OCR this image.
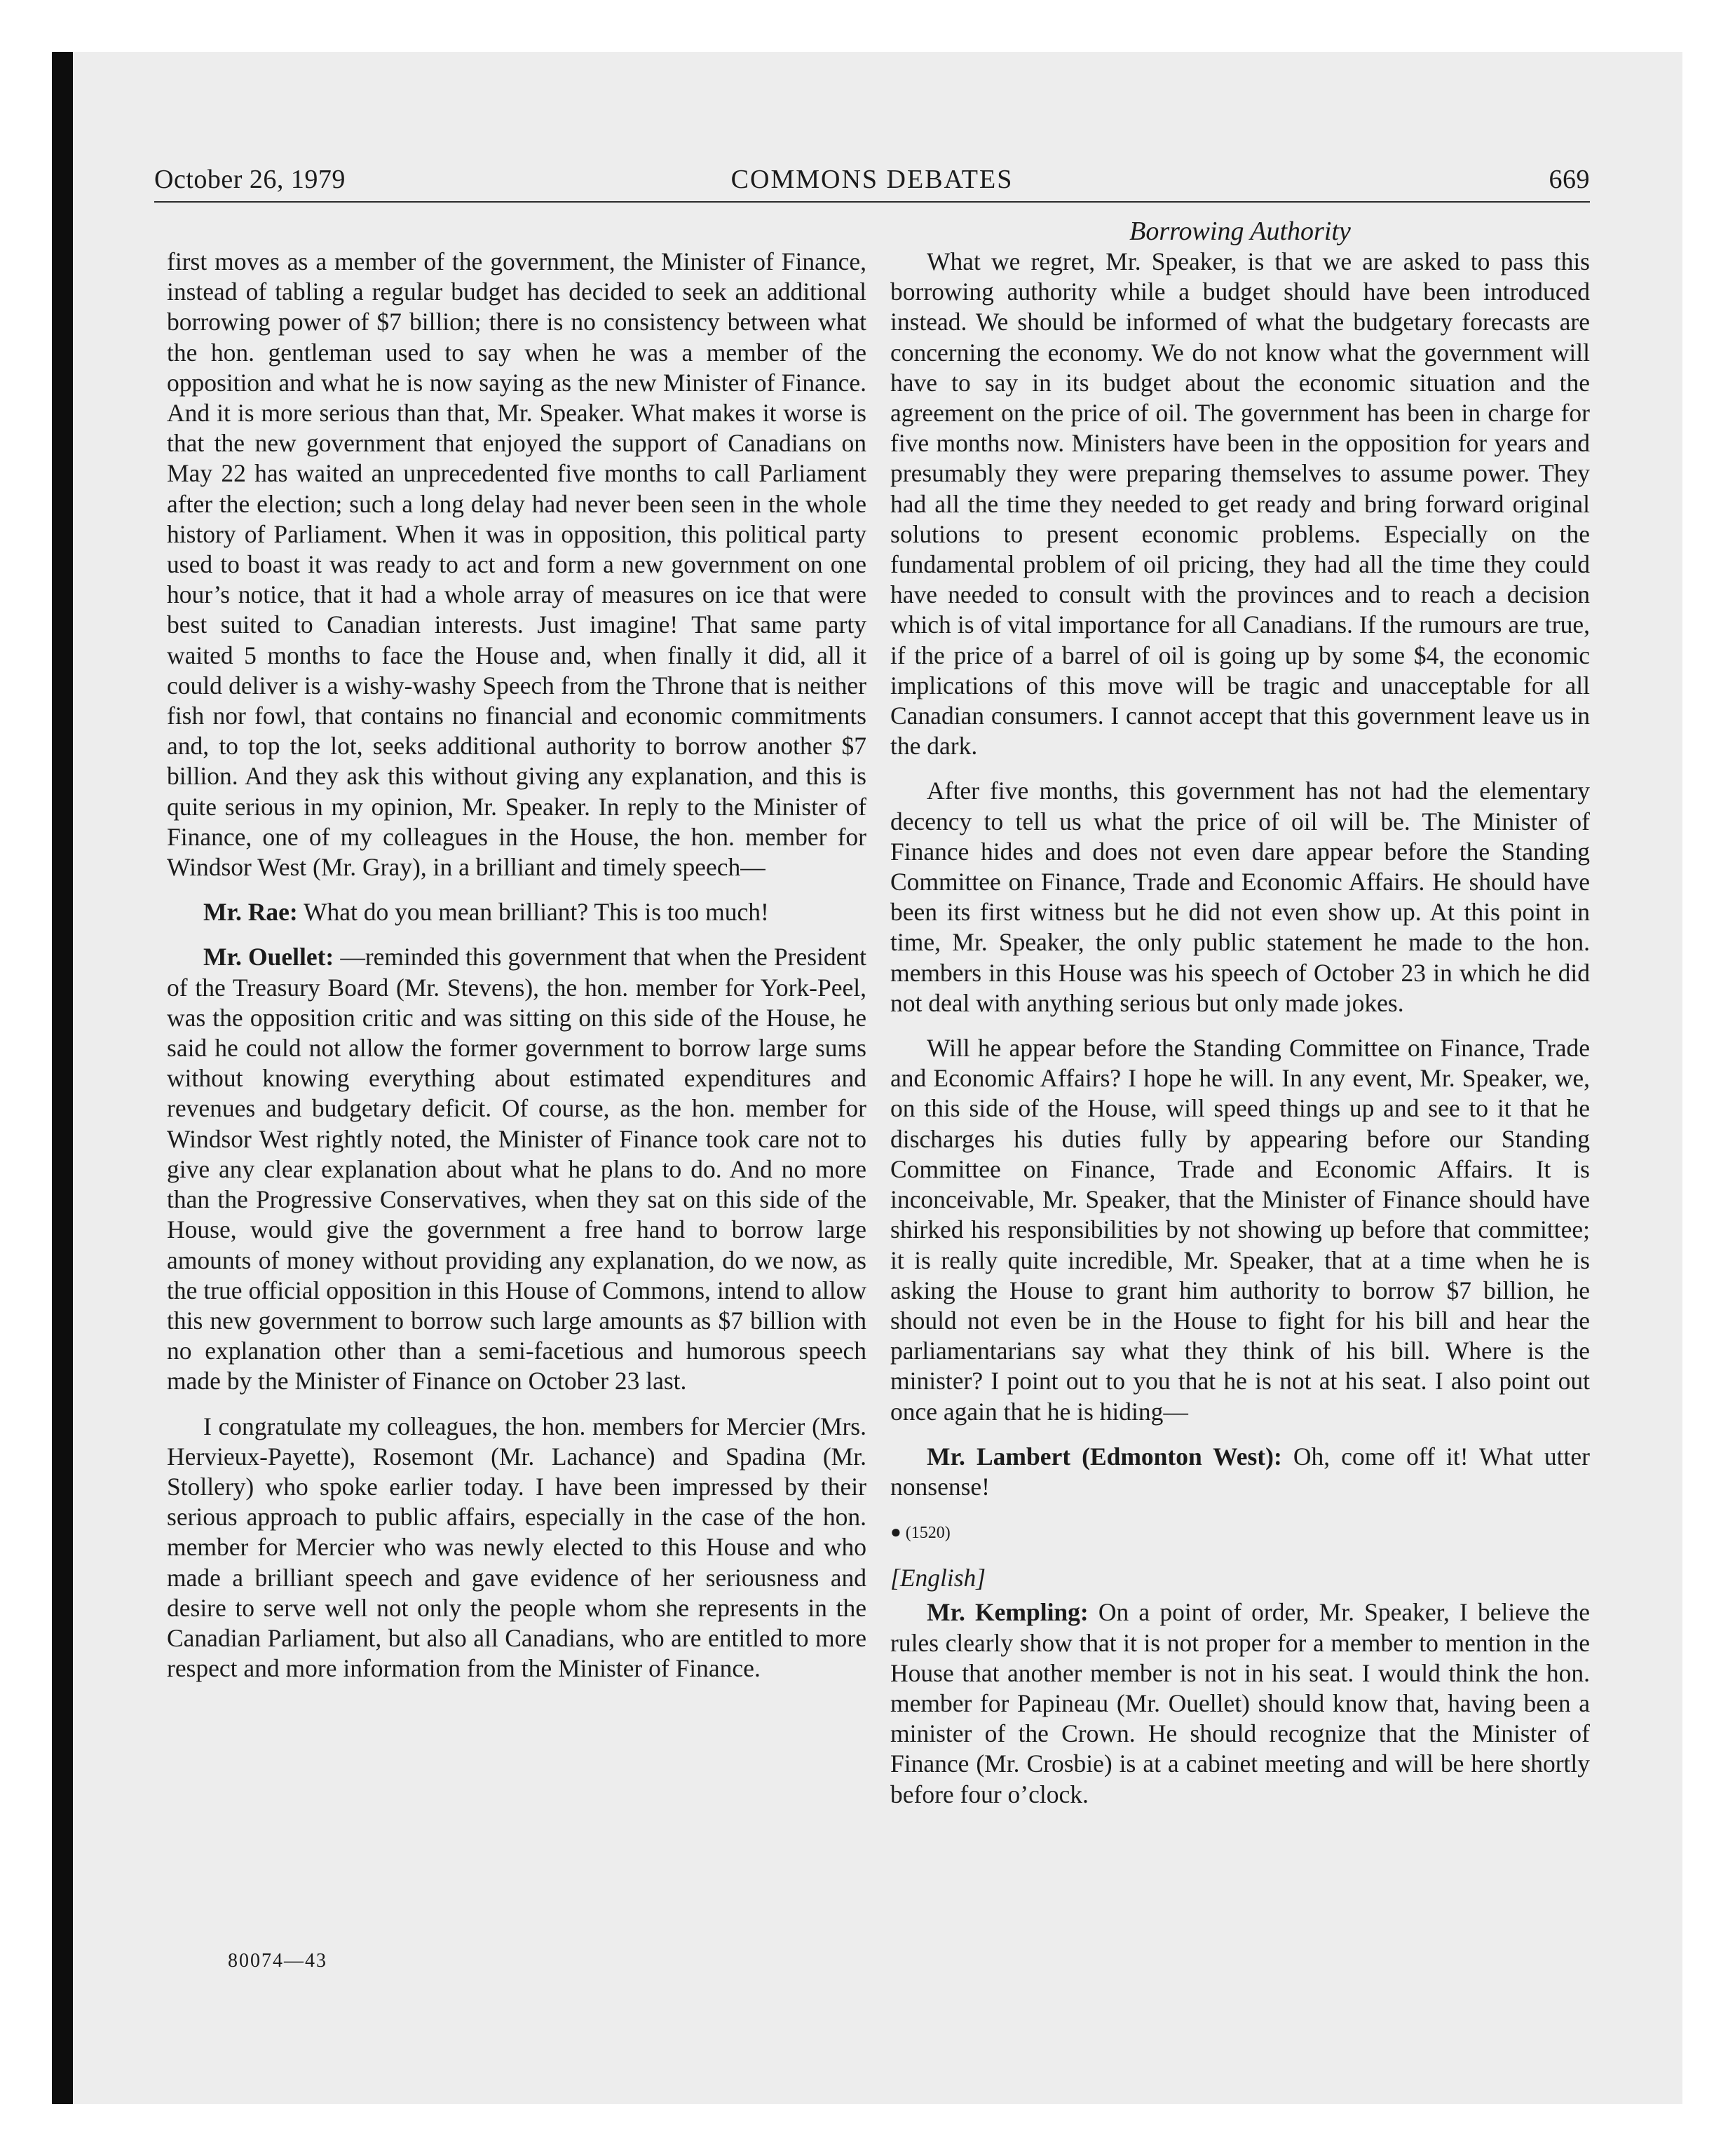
October 26, 1979	COMMONS DEBATES	669
Borrowing Authority

first moves as a member of the government, the Minister of Finance, instead of tabling a regular budget has decided to seek an additional borrowing power of $7 billion; there is no consistency between what the hon. gentleman used to say when he was a member of the opposition and what he is now saying as the new Minister of Finance. And it is more serious than that, Mr. Speaker. What makes it worse is that the new government that enjoyed the support of Canadians on May 22 has waited an unprecedented five months to call Parliament after the election; such a long delay had never been seen in the whole history of Parliament. When it was in opposition, this political party used to boast it was ready to act and form a new government on one hour’s notice, that it had a whole array of measures on ice that were best suited to Canadian interests. Just imagine! That same party waited 5 months to face the House and, when finally it did, all it could deliver is a wishy-washy Speech from the Throne that is neither fish nor fowl, that contains no financial and economic commitments and, to top the lot, seeks additional authority to borrow another $7 billion. And they ask this without giving any explanation, and this is quite serious in my opinion, Mr. Speaker. In reply to the Minister of Finance, one of my colleagues in the House, the hon. member for Windsor West (Mr. Gray), in a brilliant and timely speech—

Mr. Rae: What do you mean brilliant? This is too much!

Mr. Ouellet: —reminded this government that when the President of the Treasury Board (Mr. Stevens), the hon. member for York-Peel, was the opposition critic and was sitting on this side of the House, he said he could not allow the former government to borrow large sums without knowing everything about estimated expenditures and revenues and budgetary deficit. Of course, as the hon. member for Windsor West rightly noted, the Minister of Finance took care not to give any clear explanation about what he plans to do. And no more than the Progressive Conservatives, when they sat on this side of the House, would give the government a free hand to borrow large amounts of money without providing any explanation, do we now, as the true official opposition in this House of Commons, intend to allow this new government to borrow such large amounts as $7 billion with no explanation other than a semi-facetious and humorous speech made by the Minister of Finance on October 23 last.

I congratulate my colleagues, the hon. members for Mercier (Mrs. Hervieux-Payette), Rosemont (Mr. Lachance) and Spadina (Mr. Stollery) who spoke earlier today. I have been impressed by their serious approach to public affairs, especially in the case of the hon. member for Mercier who was newly elected to this House and who made a brilliant speech and gave evidence of her seriousness and desire to serve well not only the people whom she represents in the Canadian Parliament, but also all Canadians, who are entitled to more respect and more information from the Minister of Finance.

What we regret, Mr. Speaker, is that we are asked to pass this borrowing authority while a budget should have been introduced instead. We should be informed of what the budgetary forecasts are concerning the economy. We do not know what the government will have to say in its budget about the economic situation and the agreement on the price of oil. The government has been in charge for five months now. Ministers have been in the opposition for years and presumably they were preparing themselves to assume power. They had all the time they needed to get ready and bring forward original solutions to present economic problems. Especially on the fundamental problem of oil pricing, they had all the time they could have needed to consult with the provinces and to reach a decision which is of vital importance for all Canadians. If the rumours are true, if the price of a barrel of oil is going up by some $4, the economic implications of this move will be tragic and unacceptable for all Canadian consumers. I cannot accept that this government leave us in the dark.

After five months, this government has not had the elementary decency to tell us what the price of oil will be. The Minister of Finance hides and does not even dare appear before the Standing Committee on Finance, Trade and Economic Affairs. He should have been its first witness but he did not even show up. At this point in time, Mr. Speaker, the only public statement he made to the hon. members in this House was his speech of October 23 in which he did not deal with anything serious but only made jokes.

Will he appear before the Standing Committee on Finance, Trade and Economic Affairs? I hope he will. In any event, Mr. Speaker, we, on this side of the House, will speed things up and see to it that he discharges his duties fully by appearing before our Standing Committee on Finance, Trade and Economic Affairs. It is inconceivable, Mr. Speaker, that the Minister of Finance should have shirked his responsibilities by not showing up before that committee; it is really quite incredible, Mr. Speaker, that at a time when he is asking the House to grant him authority to borrow $7 billion, he should not even be in the House to fight for his bill and hear the parliamentarians say what they think of his bill. Where is the minister? I point out to you that he is not at his seat. I also point out once again that he is hiding—

Mr. Lambert (Edmonton West): Oh, come off it! What utter nonsense!

● (1520)

[English]

Mr. Kempling: On a point of order, Mr. Speaker, I believe the rules clearly show that it is not proper for a member to mention in the House that another member is not in his seat. I would think the hon. member for Papineau (Mr. Ouellet) should know that, having been a minister of the Crown. He should recognize that the Minister of Finance (Mr. Crosbie) is at a cabinet meeting and will be here shortly before four o’clock.

80074—43
